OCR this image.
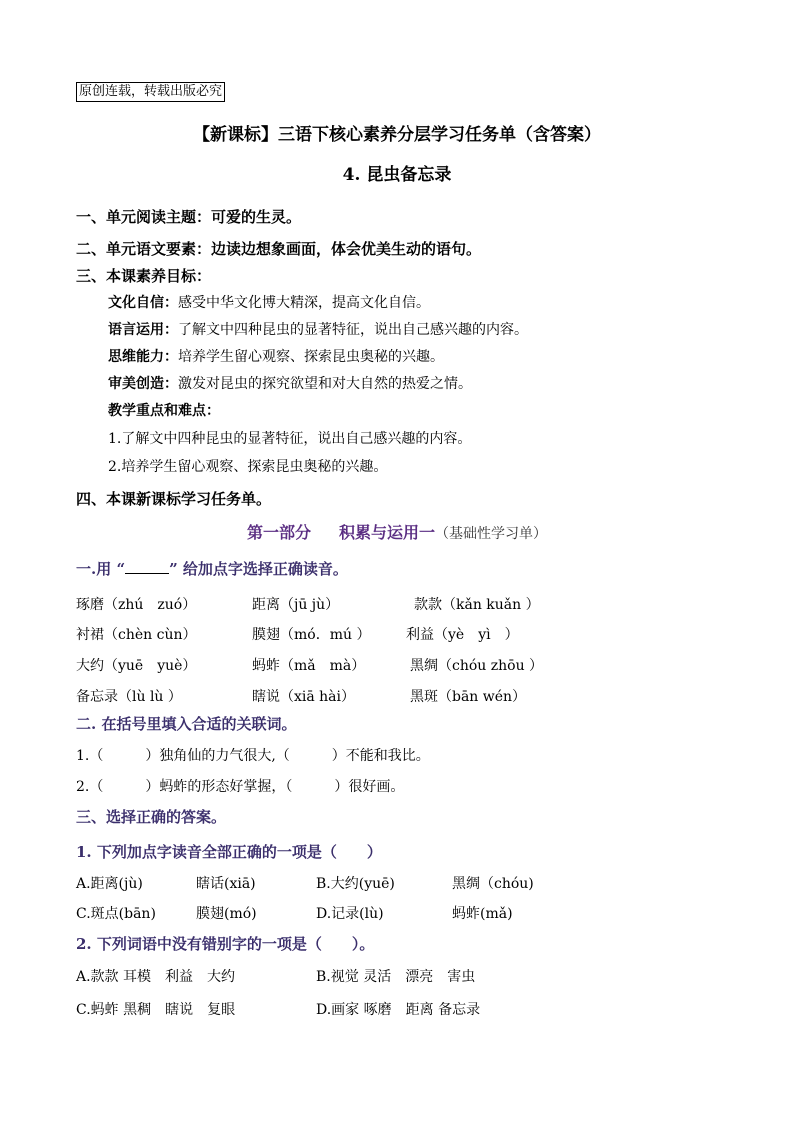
原创连载，转载出版必究
【新课标】三语下核心素养分层学习任务单（含答案）
4. 昆虫备忘录
一、单元阅读主题：可爱的生灵。
二、单元语文要素：边读边想象画面，体会优美生动的语句。
三、本课素养目标：
文化自信：感受中华文化博大精深，提高文化自信。
语言运用：了解文中四种昆虫的显著特征，说出自己感兴趣的内容。
思维能力：培养学生留心观察、探索昆虫奥秘的兴趣。
审美创造：激发对昆虫的探究欲望和对大自然的热爱之情。
教学重点和难点：
1.了解文中四种昆虫的显著特征，说出自己感兴趣的内容。
2.培养学生留心观察、探索昆虫奥秘的兴趣。
四、本课新课标学习任务单。
第一部分 积累与运用一（基础性学习单）
一.用 “	” 给加点字选择正确读音。
琢磨（zhú　zuó）	距离（jū jù）	款款（kǎn kuǎn ）
衬裙（chèn cùn）	膜翅（mó．mú ）	利益（yè　yì　）
大约（yuē　yuè）	蚂蚱（mǎ　mà）	黑绸（chóu zhōu ）
备忘录（lù lù ）	瞎说（xiā hài）	黑斑（bān wén）
二. 在括号里填入合适的关联词。
1.（　　　）独角仙的力气很大,（　　　）不能和我比。
2.（　　　）蚂蚱的形态好掌握，（　　　）很好画。
三、选择正确的答案。
1. 下列加点字读音全部正确的一项是（　　）
A.距离(jù)	瞎话(xiā)	B.大约(yuē)	黑绸（chóu)
C.斑点(bān)	膜翅(mó)	D.记录(lù)	蚂蚱(mǎ)
2. 下列词语中没有错别字的一项是（　　）。
A.款款 耳模　利益　大约	B.视觉 灵活　漂亮　害虫
C.蚂蚱 黑稠　瞎说　复眼	D.画家 啄磨　距离 备忘录
